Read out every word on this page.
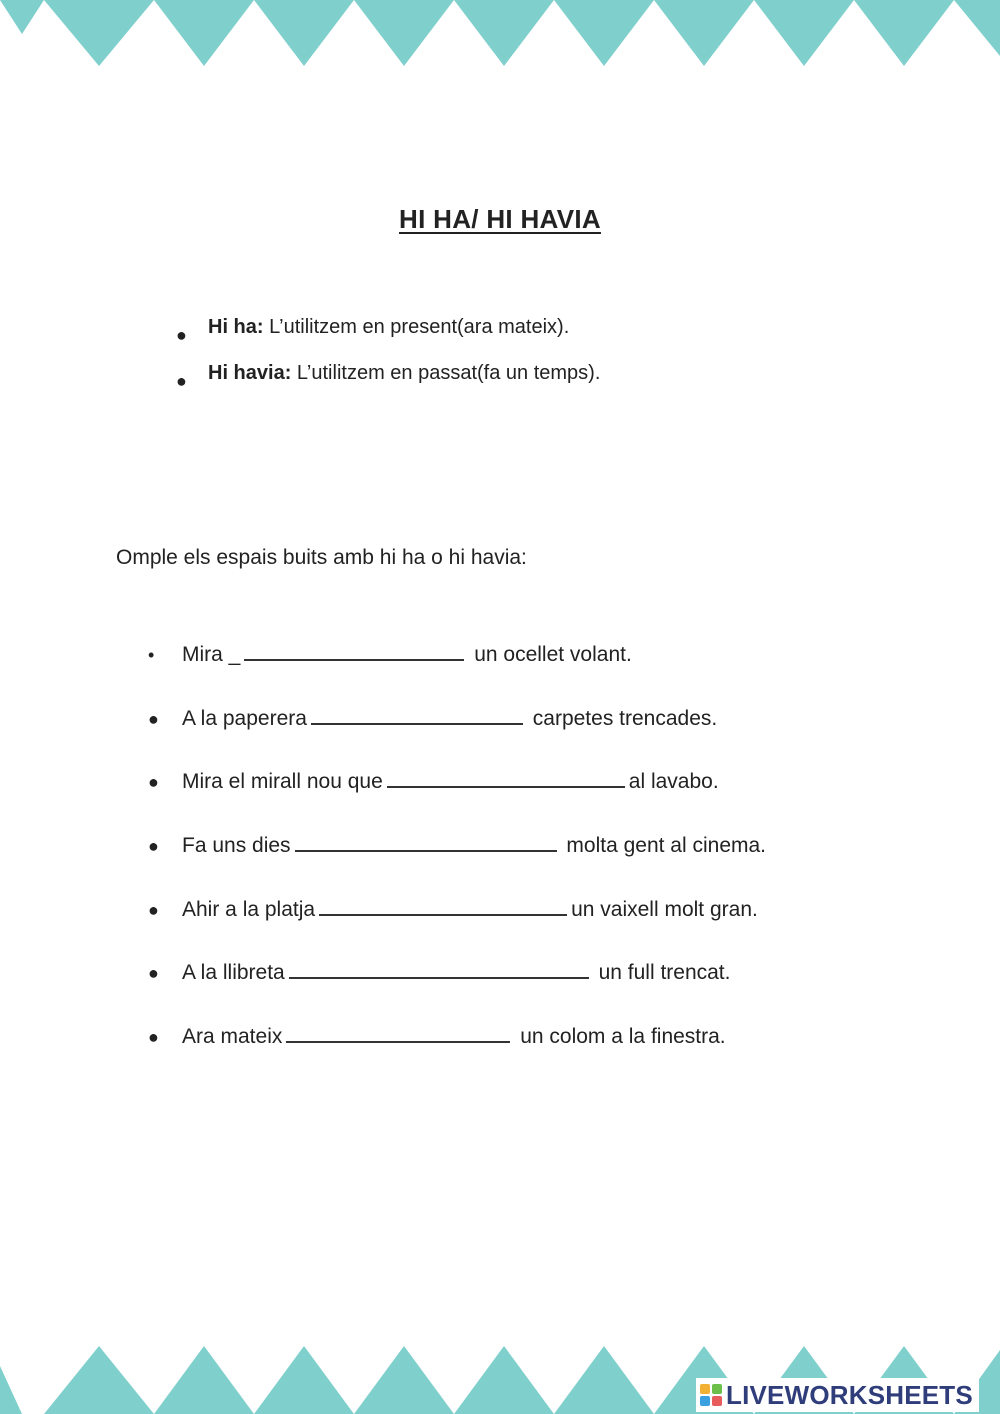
HI HA/ HI HAVIA
● Hi ha: L’utilitzem en present(ara mateix).
● Hi havia: L’utilitzem en passat(fa un temps).
Omple els espais buits amb hi ha o hi havia:
• Mira _	un ocellet volant.
● A la paperera	carpetes trencades.
● Mira el mirall nou que	al lavabo.
● Fa uns dies	molta gent al cinema.
● Ahir a la platja	un vaixell molt gran.
● A la llibreta	un full trencat.
● Ara mateix	un colom a la finestra.
LIVEWORKSHEETS
